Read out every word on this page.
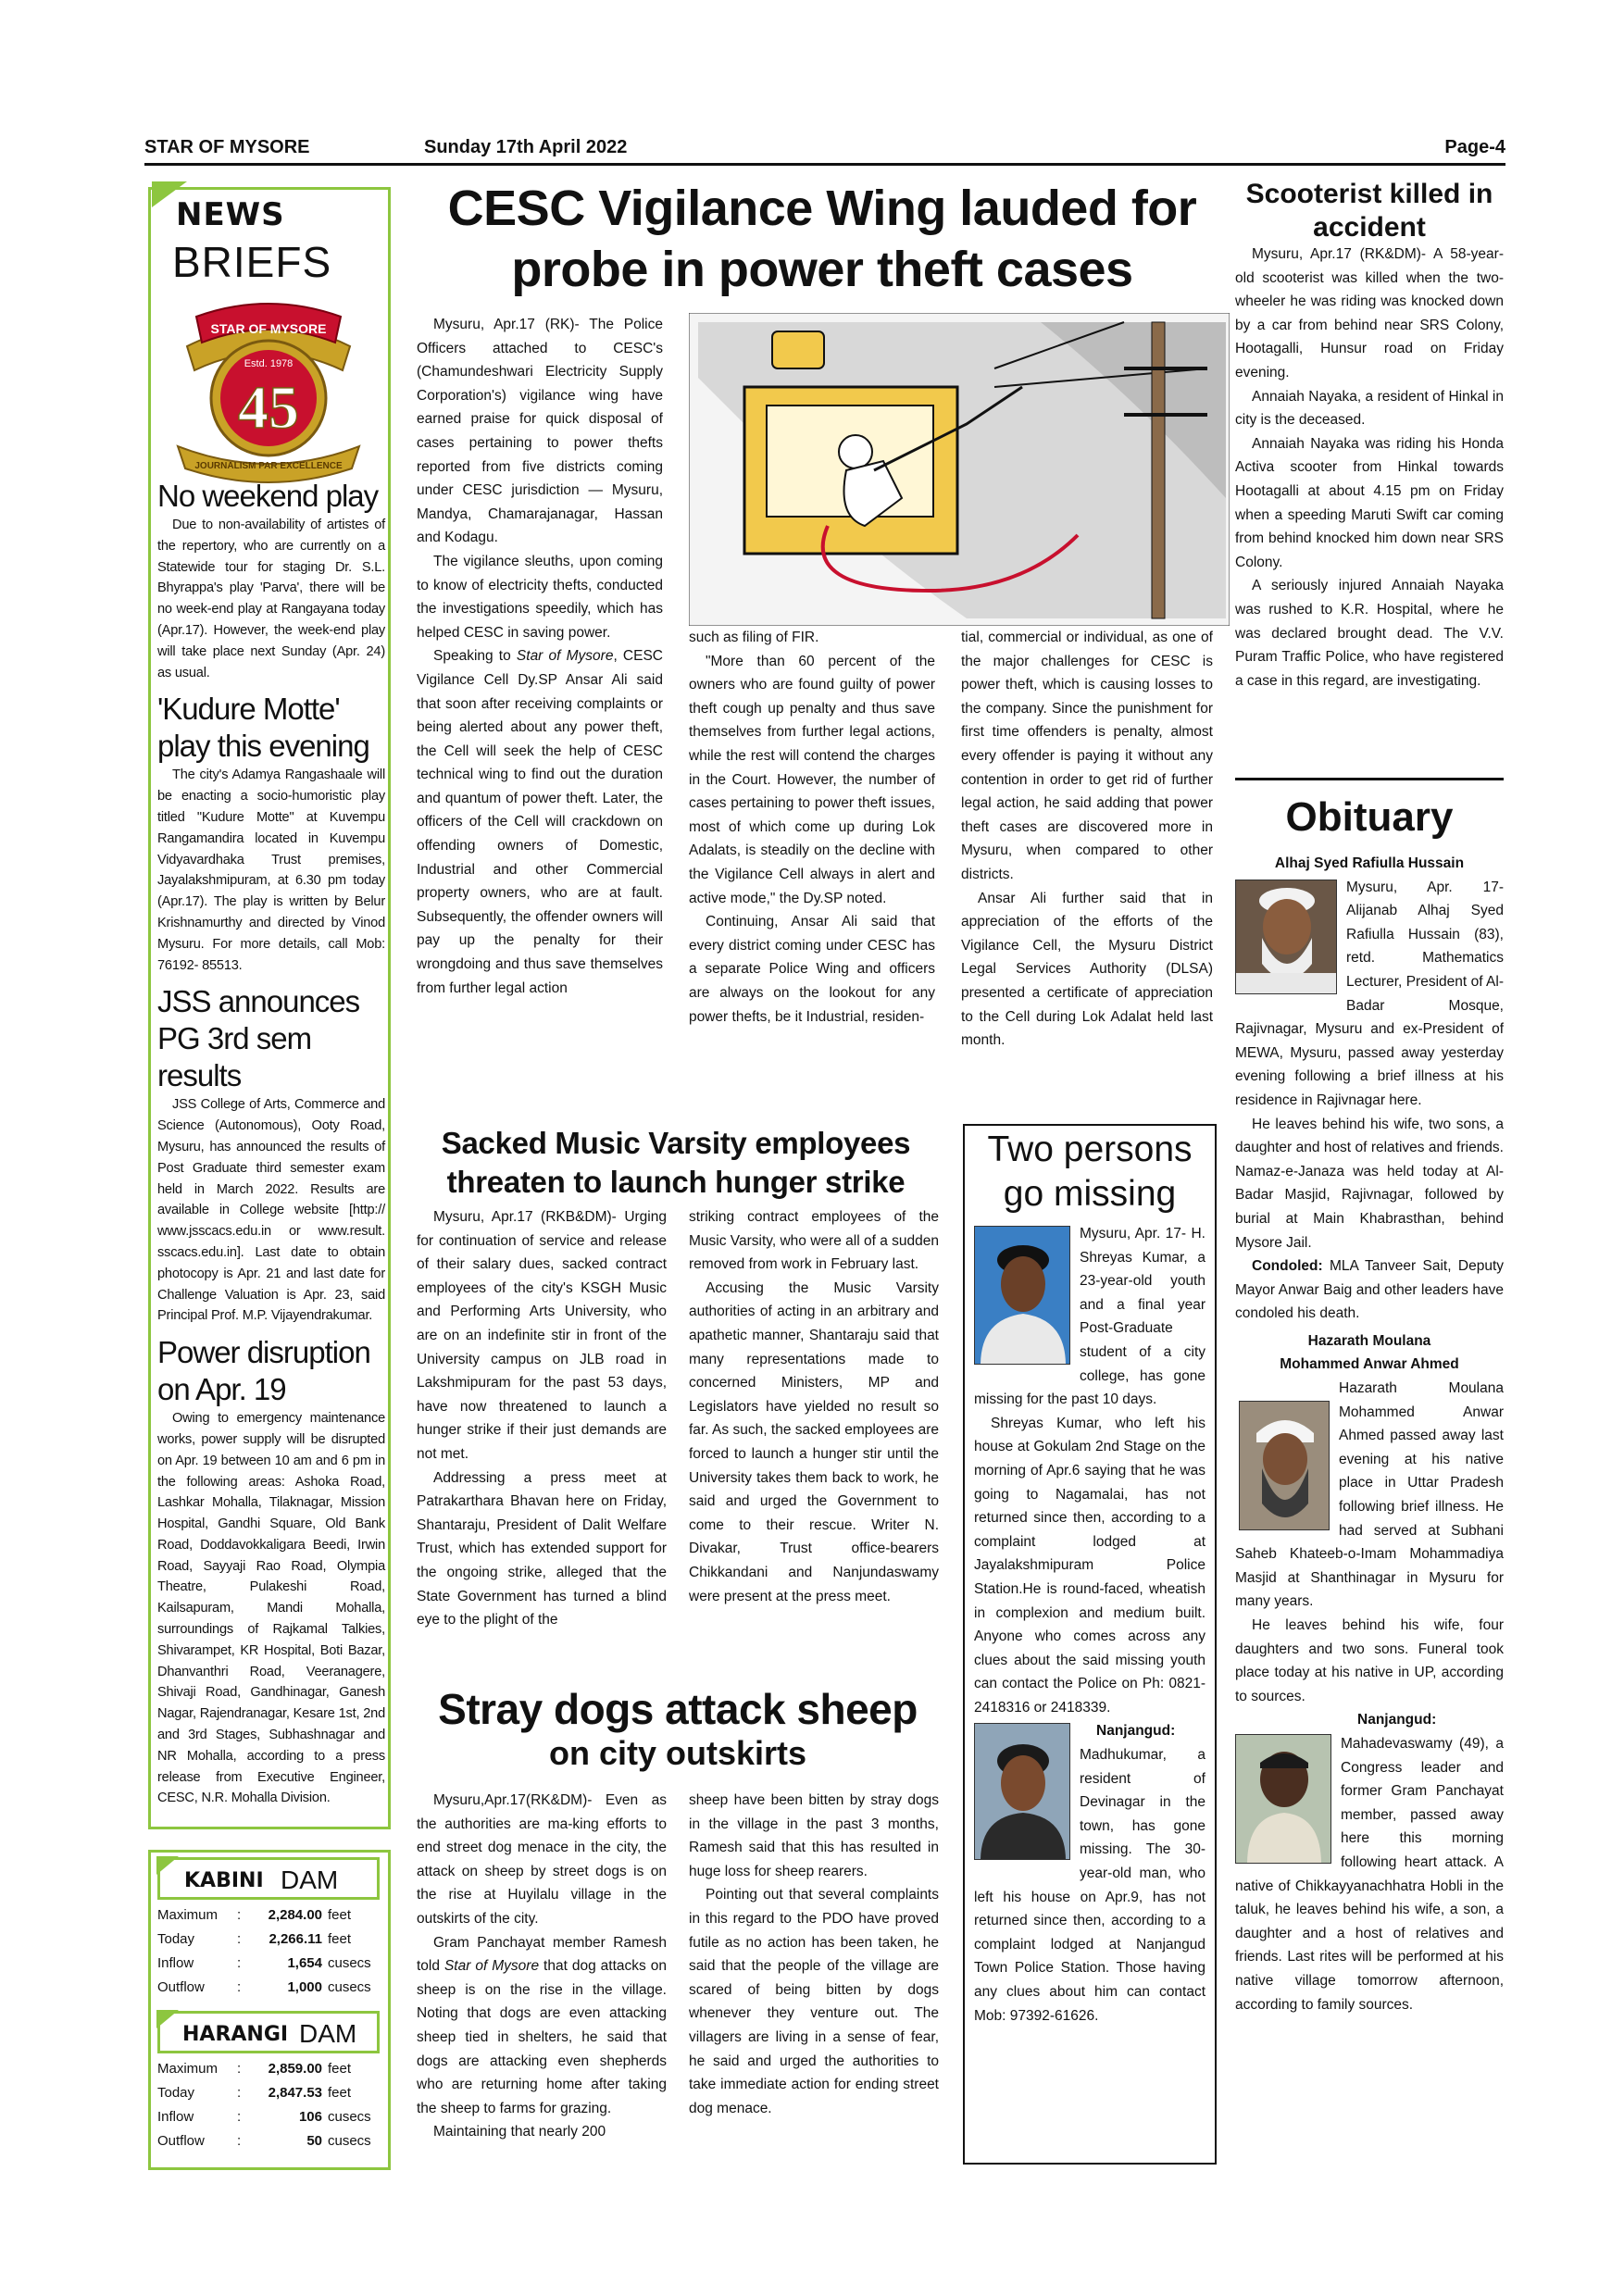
STAR OF MYSORE	Sunday 17th April 2022	Page-4
NEWS
BRIEFS
STAR OF MYSORE
Estd. 1978
45
JOURNALISM PAR EXCELLENCE
No weekend play

Due to non-availability of artistes of the repertory, who are currently on a Statewide tour for staging Dr. S.L. Bhyrappa's play 'Parva', there will be no week-end play at Rangayana today (Apr.17). However, the week-end play will take place next Sunday (Apr. 24) as usual.

'Kudure Motte' play this evening

The city's Adamya Rangashaale will be enacting a socio-humoristic play titled "Kudure Motte" at Kuvempu Rangamandira located in Kuvempu Vidyavardhaka Trust premises, Jayalakshmipuram, at 6.30 pm today (Apr.17). The play is written by Belur Krishnamurthy and directed by Vinod Mysuru. For more details, call Mob: 76192- 85513.

JSS announces PG 3rd sem results

JSS College of Arts, Commerce and Science (Autonomous), Ooty Road, Mysuru, has announced the results of Post Graduate third semester exam held in March 2022. Results are available in College website [http:// www.jsscacs.edu.in or www.result. sscacs.edu.in]. Last date to obtain photocopy is Apr. 21 and last date for Challenge Valuation is Apr. 23, said Principal Prof. M.P. Vijayendrakumar.

Power disruption on Apr. 19

Owing to emergency maintenance works, power supply will be disrupted on Apr. 19 between 10 am and 6 pm in the following areas: Ashoka Road, Lashkar Mohalla, Tilaknagar, Mission Hospital, Gandhi Square, Old Bank Road, Doddavokkaligara Beedi, Irwin Road, Sayyaji Rao Road, Olympia Theatre, Pulakeshi Road, Kailsapuram, Mandi Mohalla, surroundings of Rajkamal Talkies, Shivarampet, KR Hospital, Boti Bazar, Dhanvanthri Road, Veeranagere, Shivaji Road, Gandhinagar, Ganesh Nagar, Rajendranagar, Kesare 1st, 2nd and 3rd Stages, Subhashnagar and NR Mohalla, according to a press release from Executive Engineer, CESC, N.R. Mohalla Division.

KABINI DAM
Maximum	:	2,284.00	feet
Today	:	2,266.11	feet
Inflow	:	1,654	cusecs
Outflow	:	1,000	cusecs
HARANGI DAM
Maximum	:	2,859.00	feet
Today	:	2,847.53	feet
Inflow	:	106	cusecs
Outflow	:	50	cusecs
CESC Vigilance Wing lauded for probe in power theft cases

Mysuru, Apr.17 (RK)- The Police Officers attached to CESC's (Chamundeshwari Electricity Supply Corporation's) vigilance wing have earned praise for quick disposal of cases pertaining to power thefts reported from five districts coming under CESC jurisdiction — Mysuru, Mandya, Chamarajanagar, Hassan and Kodagu.

The vigilance sleuths, upon coming to know of electricity thefts, conducted the investigations speedily, which has helped CESC in saving power.

Speaking to Star of Mysore, CESC Vigilance Cell Dy.SP Ansar Ali said that soon after receiving complaints or being alerted about any power theft, the Cell will seek the help of CESC technical wing to find out the duration and quantum of power theft. Later, the officers of the Cell will crackdown on offending owners of Domestic, Industrial and other Commercial property owners, who are at fault. Subsequently, the offender owners will pay up the penalty for their wrongdoing and thus save themselves from further legal action

such as filing of FIR.

"More than 60 percent of the owners who are found guilty of power theft cough up penalty and thus save themselves from further legal actions, while the rest will contend the charges in the Court. However, the number of cases pertaining to power theft issues, most of which come up during Lok Adalats, is steadily on the decline with the Vigilance Cell always in alert and active mode," the Dy.SP noted.

Continuing, Ansar Ali said that every district coming under CESC has a separate Police Wing and officers are always on the lookout for any power thefts, be it Industrial, residen-

tial, commercial or individual, as one of the major challenges for CESC is power theft, which is causing losses to the company. Since the punishment for first time offenders is penalty, almost every offender is paying it without any contention in order to get rid of further legal action, he said adding that power theft cases are discovered more in Mysuru, when compared to other districts.

Ansar Ali further said that in appreciation of the efforts of the Vigilance Cell, the Mysuru District Legal Services Authority (DLSA) presented a certificate of appreciation to the Cell during Lok Adalat held last month.

Scooterist killed in accident

Mysuru, Apr.17 (RK&DM)- A 58-year-old scooterist was killed when the two-wheeler he was riding was knocked down by a car from behind near SRS Colony, Hootagalli, Hunsur road on Friday evening.

Annaiah Nayaka, a resident of Hinkal in city is the deceased.

Annaiah Nayaka was riding his Honda Activa scooter from Hinkal towards Hootagalli at about 4.15 pm on Friday when a speeding Maruti Swift car coming from behind knocked him down near SRS Colony.

A seriously injured Annaiah Nayaka was rushed to K.R. Hospital, where he was declared brought dead. The V.V. Puram Traffic Police, who have registered a case in this regard, are investigating.

Obituary
Alhaj Syed Rafiulla Hussain

Mysuru, Apr. 17- Alijanab Alhaj Syed Rafiulla Hussain (83), retd. Mathematics Lecturer, President of Al-Badar Mosque, Rajivnagar, Mysuru and ex-President of MEWA, Mysuru, passed away yesterday evening following a brief illness at his residence in Rajivnagar here.

He leaves behind his wife, two sons, a daughter and host of relatives and friends. Namaz-e-Janaza was held today at Al-Badar Masjid, Rajivnagar, followed by burial at Main Khabrasthan, behind Mysore Jail.

Condoled: MLA Tanveer Sait, Deputy Mayor Anwar Baig and other leaders have condoled his death.

Hazarath Moulana
Mohammed Anwar Ahmed

Hazarath Moulana Mohammed Anwar Ahmed passed away last evening at his native place in Uttar Pradesh following brief illness. He had served at Subhani Saheb Khateeb-o-Imam Mohammadiya Masjid at Shanthinagar in Mysuru for many years.

He leaves behind his wife, four daughters and two sons. Funeral took place today at his native in UP, according to sources.

Nanjangud: Mahadevaswamy (49), a Congress leader and former Gram Panchayat member, passed away here this morning following heart attack. A native of Chikkayyanachhatra Hobli in the taluk, he leaves behind his wife, a son, a daughter and a host of relatives and friends. Last rites will be performed at his native village tomorrow afternoon, according to family sources.

Sacked Music Varsity employees threaten to launch hunger strike

Mysuru, Apr.17 (RKB&DM)- Urging for continuation of service and release of their salary dues, sacked contract employees of the city's KSGH Music and Performing Arts University, who are on an indefinite stir in front of the University campus on JLB road in Lakshmipuram for the past 53 days, have now threatened to launch a hunger strike if their just demands are not met.

Addressing a press meet at Patrakarthara Bhavan here on Friday, Shantaraju, President of Dalit Welfare Trust, which has extended support for the ongoing strike, alleged that the State Government has turned a blind eye to the plight of the

striking contract employees of the Music Varsity, who were all of a sudden removed from work in February last.

Accusing the Music Varsity authorities of acting in an arbitrary and apathetic manner, Shantaraju said that many representations made to concerned Ministers, MP and Legislators have yielded no result so far. As such, the sacked employees are forced to launch a hunger stir until the University takes them back to work, he said and urged the Government to come to their rescue. Writer N. Divakar, Trust office-bearers Chikkandani and Nanjundaswamy were present at the press meet.

Two persons go missing

Mysuru, Apr. 17- H. Shreyas Kumar, a 23-year-old youth and a final year Post-Graduate student of a city college, has gone missing for the past 10 days.

Shreyas Kumar, who left his house at Gokulam 2nd Stage on the morning of Apr.6 saying that he was going to Nagamalai, has not returned since then, according to a complaint lodged at Jayalakshmipuram Police Station.He is round-faced, wheatish in complexion and medium built. Anyone who comes across any clues about the said missing youth can contact the Police on Ph: 0821- 2418316 or 2418339.

Nanjangud: Madhukumar, a resident of Devinagar in the town, has gone missing. The 30-year-old man, who left his house on Apr.9, has not returned since then, according to a complaint lodged at Nanjangud Town Police Station. Those having any clues about him can contact Mob: 97392-61626.

Stray dogs attack sheep
on city outskirts

Mysuru,Apr.17(RK&DM)- Even as the authorities are ma-king efforts to end street dog menace in the city, the attack on sheep by street dogs is on the rise at Huyilalu village in the outskirts of the city.

Gram Panchayat member Ramesh told Star of Mysore that dog attacks on sheep is on the rise in the village. Noting that dogs are even attacking sheep tied in shelters, he said that dogs are attacking even shepherds who are returning home after taking the sheep to farms for grazing.

Maintaining that nearly 200

sheep have been bitten by stray dogs in the village in the past 3 months, Ramesh said that this has resulted in huge loss for sheep rearers.

Pointing out that several complaints in this regard to the PDO have proved futile as no action has been taken, he said that the people of the village are scared of being bitten by dogs whenever they venture out. The villagers are living in a sense of fear, he said and urged the authorities to take immediate action for ending street dog menace.
